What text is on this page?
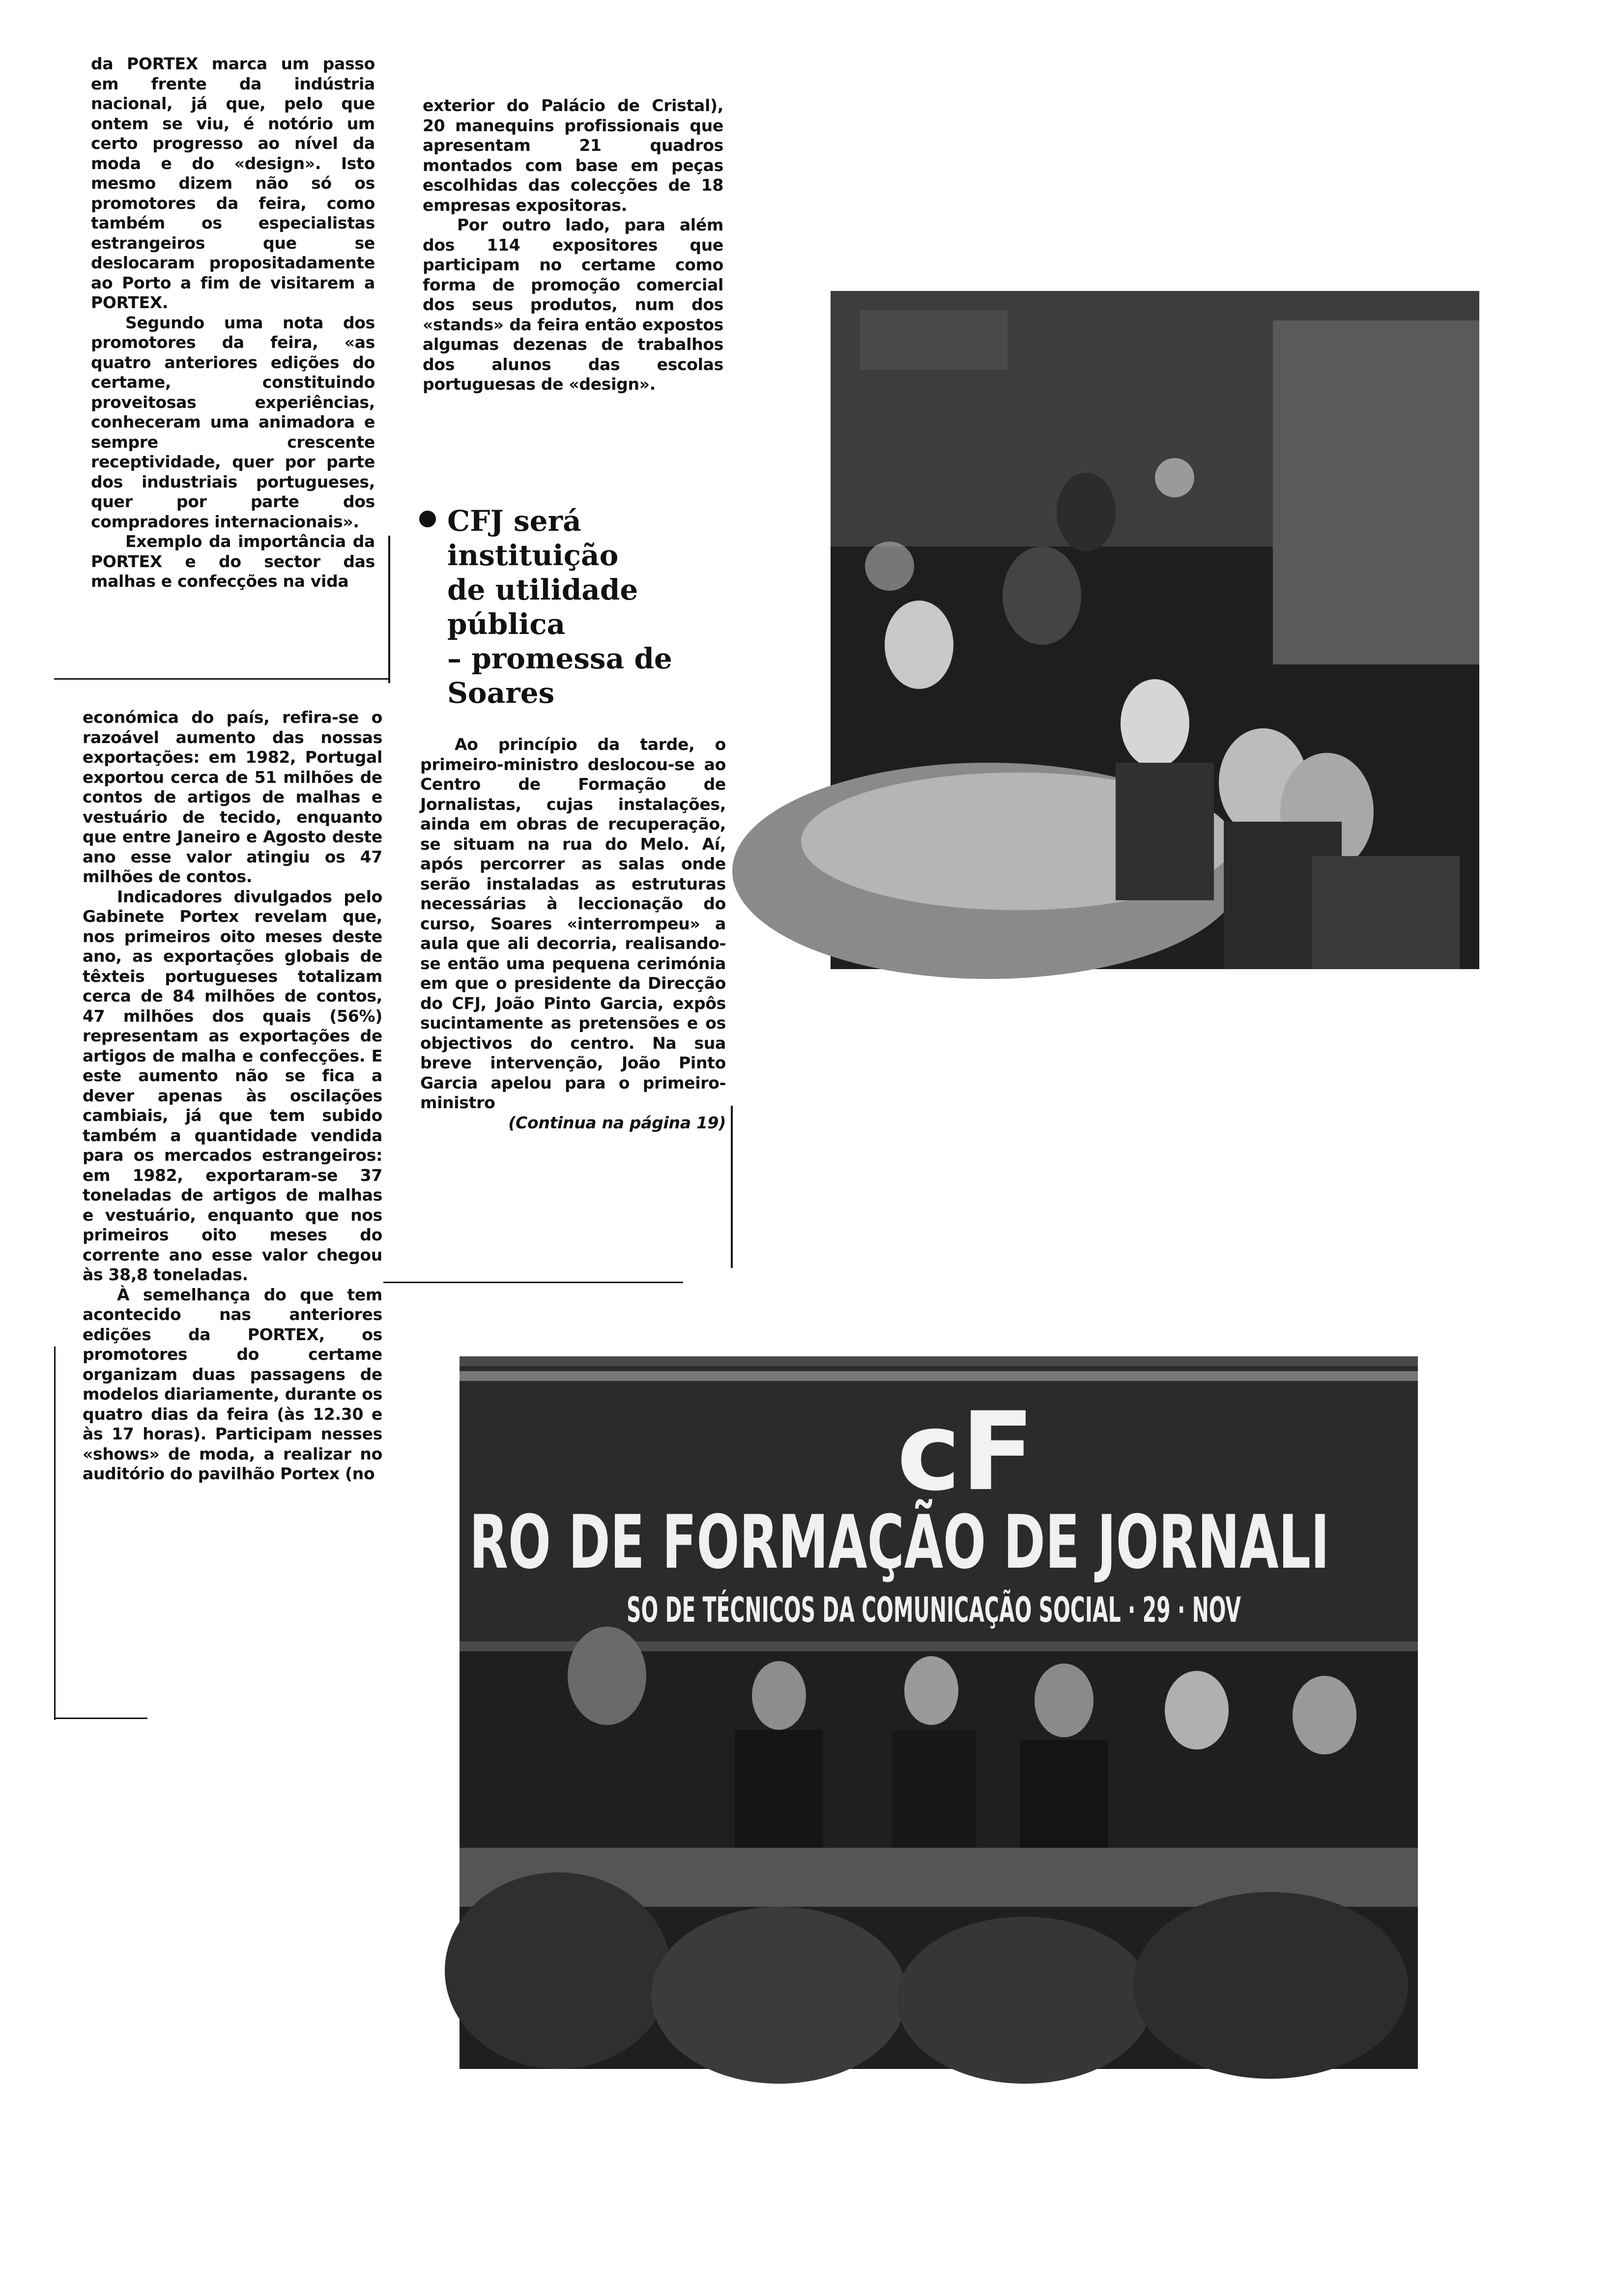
da PORTEX marca um passo em frente da indústria nacional, já que, pelo que ontem se viu, é notório um certo progresso ao nível da moda e do «design». Isto mesmo dizem não só os promotores da feira, como também os especialistas estrangeiros que se deslocaram propositadamente ao Porto a fim de visitarem a PORTEX.

Segundo uma nota dos promotores da feira, «as quatro anteriores edições do certame, constituindo proveitosas experiências, conheceram uma animadora e sempre crescente receptividade, quer por parte dos industriais portugueses, quer por parte dos compradores internacionais».

Exemplo da importância da PORTEX e do sector das malhas e confecções na vida

económica do país, refira-se o razoável aumento das nossas exportações: em 1982, Portugal exportou cerca de 51 milhões de contos de artigos de malhas e vestuário de tecido, enquanto que entre Janeiro e Agosto deste ano esse valor atingiu os 47 milhões de contos.

Indicadores divulgados pelo Gabinete Portex revelam que, nos primeiros oito meses deste ano, as exportações globais de têxteis portugueses totalizam cerca de 84 milhões de contos, 47 milhões dos quais (56%) representam as exportações de artigos de malha e confecções. E este aumento não se fica a dever apenas às oscilações cambiais, já que tem subido também a quantidade vendida para os mercados estrangeiros: em 1982, exportaram-se 37 toneladas de artigos de malhas e vestuário, enquanto que nos primeiros oito meses do corrente ano esse valor chegou às 38,8 toneladas.

À semelhança do que tem acontecido nas anteriores edições da PORTEX, os promotores do certame organizam duas passagens de modelos diariamente, durante os quatro dias da feira (às 12.30 e às 17 horas). Participam nesses «shows» de moda, a realizar no auditório do pavilhão Portex (no

exterior do Palácio de Cristal), 20 manequins profissionais que apresentam 21 quadros montados com base em peças escolhidas das colecções de 18 empresas expositoras.

Por outro lado, para além dos 114 expositores que participam no certame como forma de promoção comercial dos seus produtos, num dos «stands» da feira então expostos algumas dezenas de trabalhos dos alunos das escolas portuguesas de «design».

CFJ será
instituição
de utilidade
pública
– promessa de
Soares

Ao princípio da tarde, o primeiro-ministro deslocou-se ao Centro de Formação de Jornalistas, cujas instalações, ainda em obras de recuperação, se situam na rua do Melo. Aí, após percorrer as salas onde serão instaladas as estruturas necessárias à leccionação do curso, Soares «interrompeu» a aula que ali decorria, realisando-se então uma pequena cerimónia em que o presidente da Direcção do CFJ, João Pinto Garcia, expôs sucintamente as pretensões e os objectivos do centro. Na sua breve intervenção, João Pinto Garcia apelou para o primeiro-ministro

(Continua na página 19)

cF
RO DE FORMAÇÃO DE JORNALI
SO DE TÉCNICOS DA COMUNICAÇÃO SOCIAL · 29 · NOV
